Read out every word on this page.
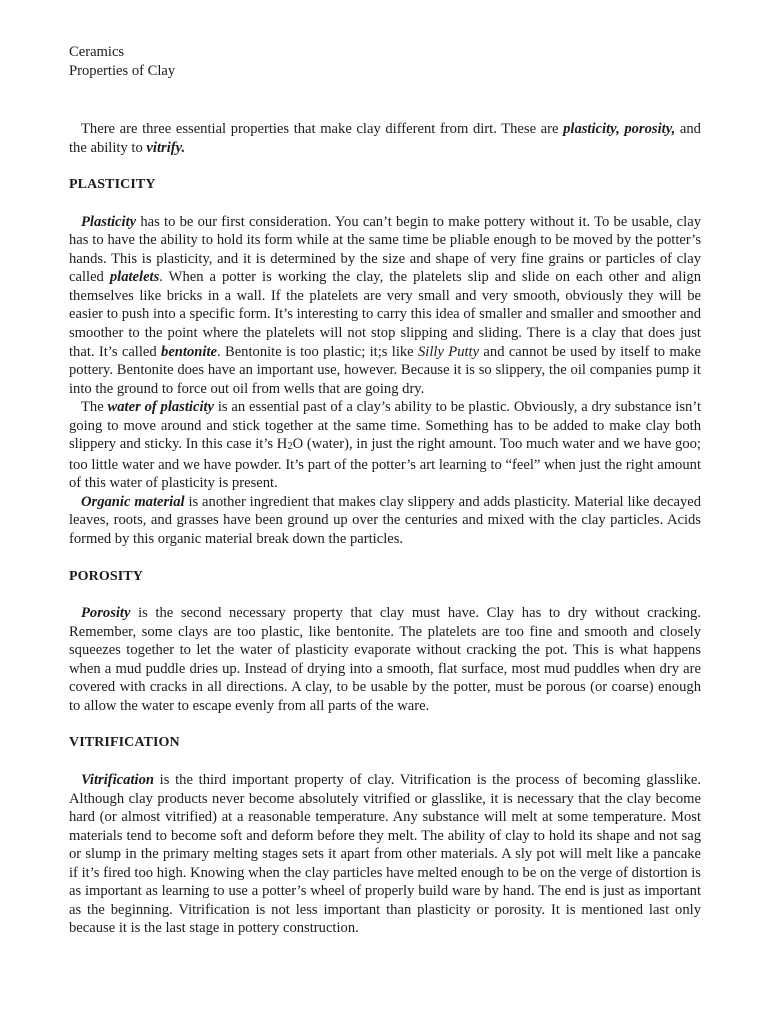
Ceramics

Properties of Clay

There are three essential properties that make clay different from dirt. These are plasticity, porosity, and the ability to vitrify.

PLASTICITY

Plasticity has to be our first consideration. You can’t begin to make pottery without it. To be usable, clay has to have the ability to hold its form while at the same time be pliable enough to be moved by the potter’s hands. This is plasticity, and it is determined by the size and shape of very fine grains or particles of clay called platelets. When a potter is working the clay, the platelets slip and slide on each other and align themselves like bricks in a wall. If the platelets are very small and very smooth, obviously they will be easier to push into a specific form. It’s interesting to carry this idea of smaller and smaller and smoother and smoother to the point where the platelets will not stop slipping and sliding. There is a clay that does just that. It’s called bentonite. Bentonite is too plastic; it;s like Silly Putty and cannot be used by itself to make pottery. Bentonite does have an important use, however. Because it is so slippery, the oil companies pump it into the ground to force out oil from wells that are going dry.

The water of plasticity is an essential past of a clay’s ability to be plastic. Obviously, a dry substance isn’t going to move around and stick together at the same time. Something has to be added to make clay both slippery and sticky. In this case it’s $H_2O$ (water), in just the right amount. Too much water and we have goo; too little water and we have powder. It’s part of the potter’s art learning to “feel” when just the right amount of this water of plasticity is present.

Organic material is another ingredient that makes clay slippery and adds plasticity. Material like decayed leaves, roots, and grasses have been ground up over the centuries and mixed with the clay particles. Acids formed by this organic material break down the particles.

POROSITY

Porosity is the second necessary property that clay must have. Clay has to dry without cracking. Remember, some clays are too plastic, like bentonite. The platelets are too fine and smooth and closely squeezes together to let the water of plasticity evaporate without cracking the pot. This is what happens when a mud puddle dries up. Instead of drying into a smooth, flat surface, most mud puddles when dry are covered with cracks in all directions. A clay, to be usable by the potter, must be porous (or coarse) enough to allow the water to escape evenly from all parts of the ware.

VITRIFICATION

Vitrification is the third important property of clay. Vitrification is the process of becoming glasslike. Although clay products never become absolutely vitrified or glasslike, it is necessary that the clay become hard (or almost vitrified) at a reasonable temperature. Any substance will melt at some temperature. Most materials tend to become soft and deform before they melt. The ability of clay to hold its shape and not sag or slump in the primary melting stages sets it apart from other materials. A sly pot will melt like a pancake if it’s fired too high. Knowing when the clay particles have melted enough to be on the verge of distortion is as important as learning to use a potter’s wheel of properly build ware by hand. The end is just as important as the beginning. Vitrification is not less important than plasticity or porosity. It is mentioned last only because it is the last stage in pottery construction.
